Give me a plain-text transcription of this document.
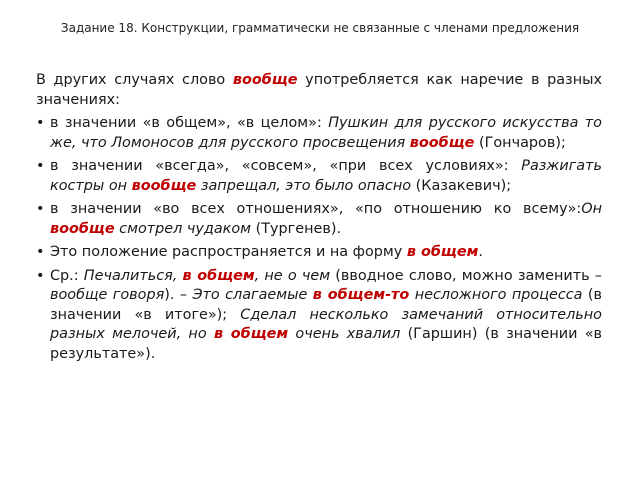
Задание 18. Конструкции, грамматически не связанные с членами предложения

В других случаях слово вообще употребляется как наречие в разных значениях:

• в значении «в общем», «в целом»: Пушкин для русского искусства то же, что Ломоносов для русского просвещения вообще (Гончаров);
• в значении «всегда», «совсем», «при всех условиях»: Разжигать костры он вообще запрещал, это было опасно (Казакевич);
• в значении «во всех отношениях», «по отношению ко всему»:Он вообще смотрел чудаком (Тургенев).
• Это положение распространяется и на форму в общем.
• Ср.: Печалиться, в общем, не о чем (вводное слово, можно заменить – вообще говоря). – Это слагаемые в общем-то несложного процесса (в значении «в итоге»); Сделал несколько замечаний относительно разных мелочей, но в общем очень хвалил (Гаршин) (в значении «в результате»).
